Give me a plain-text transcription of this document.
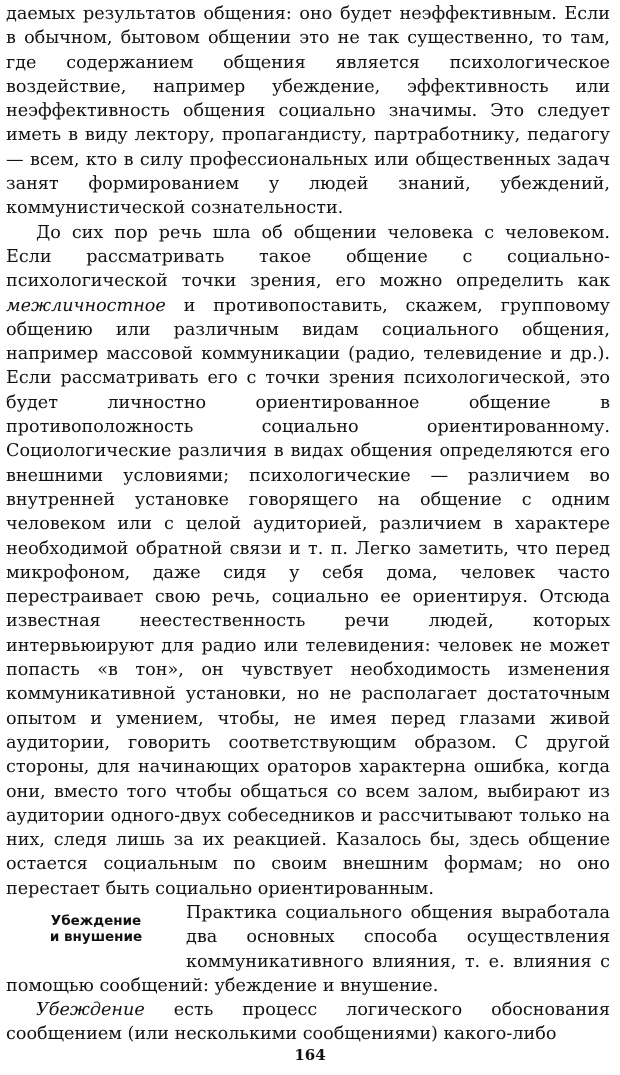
даемых результатов общения: оно будет неэффективным. Если в обычном, бытовом общении это не так существенно, то там, где содержанием общения является психологическое воздействие, например убеждение, эффективность или неэффективность общения социально значимы. Это следует иметь в виду лектору, пропагандисту, партработнику, педагогу — всем, кто в силу профессиональных или общественных задач занят формированием у людей знаний, убеждений, коммунистической сознательности.

До сих пор речь шла об общении человека с человеком. Если рассматривать такое общение с социально-психологической точки зрения, его можно определить как межличностное и противопоставить, скажем, групповому общению или различным видам социального общения, например массовой коммуникации (радио, телевидение и др.). Если рассматривать его с точки зрения психологической, это будет личностно ориентированное общение в противоположность социально ориентированному. Социологические различия в видах общения определяются его внешними условиями; психологические — различием во внутренней установке говорящего на общение с одним человеком или с целой аудиторией, различием в характере необходимой обратной связи и т. п. Легко заметить, что перед микрофоном, даже сидя у себя дома, человек часто перестраивает свою речь, социально ее ориентируя. Отсюда известная неестественность речи людей, которых интервьюируют для радио или телевидения: человек не может попасть «в тон», он чувствует необходимость изменения коммуникативной установки, но не располагает достаточным опытом и умением, чтобы, не имея перед глазами живой аудитории, говорить соответствующим образом. С другой стороны, для начинающих ораторов характерна ошибка, когда они, вместо того чтобы общаться со всем залом, выбирают из аудитории одного-двух собеседников и рассчитывают только на них, следя лишь за их реакцией. Казалось бы, здесь общение остается социальным по своим внешним формам; но оно перестает быть социально ориентированным.

Убеждение
и внушение

Практика социального общения выработала два основных способа осуществления коммуникативного влияния, т. е. влияния с помощью сообщений: убеждение и внушение.

Убеждение есть процесс логического обоснования сообщением (или несколькими сообщениями) какого-либо

164
